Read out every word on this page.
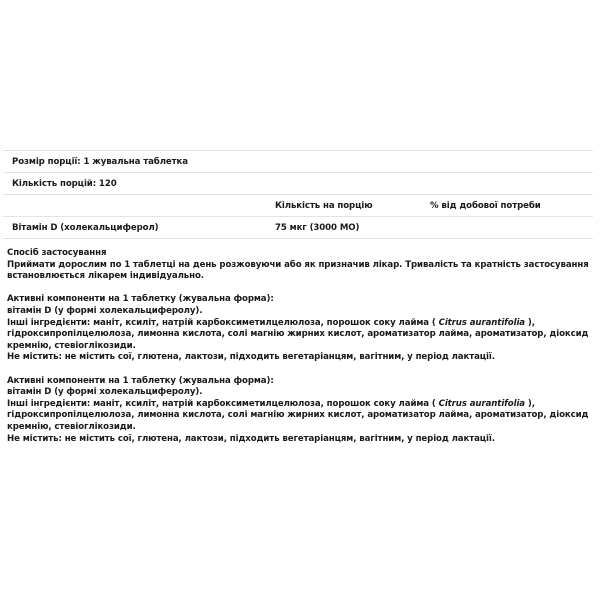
Розмір порції: 1 жувальна таблетка
Кількість порцій: 120
Кількість на порцію	% від добової потреби
Вітамін D (холекальциферол)	75 мкг (3000 МО)

Спосіб застосування

Приймати дорослим по 1 таблетці на день розжовуючи або як призначив лікар. Тривалість та кратність застосування

встановлюється лікарем індивідуально.

Активні компоненти на 1 таблетку (жувальна форма):

вітамін D (у формі холекальциферолу).

Інші інгредієнти: маніт, ксиліт, натрій карбоксиметилцелюлоза, порошок соку лайма ( Citrus aurantifolia ),

гідроксипропілцелюлоза, лимонна кислота, солі магнію жирних кислот, ароматизатор лайма, ароматизатор, діоксид

кремнію, стевіоглікозиди.

Не містить: не містить сої, глютена, лактози, підходить вегетаріанцям, вагітним, у період лактації.

Активні компоненти на 1 таблетку (жувальна форма):

вітамін D (у формі холекальциферолу).

Інші інгредієнти: маніт, ксиліт, натрій карбоксиметилцелюлоза, порошок соку лайма ( Citrus aurantifolia ),

гідроксипропілцелюлоза, лимонна кислота, солі магнію жирних кислот, ароматизатор лайма, ароматизатор, діоксид

кремнію, стевіоглікозиди.

Не містить: не містить сої, глютена, лактози, підходить вегетаріанцям, вагітним, у період лактації.
